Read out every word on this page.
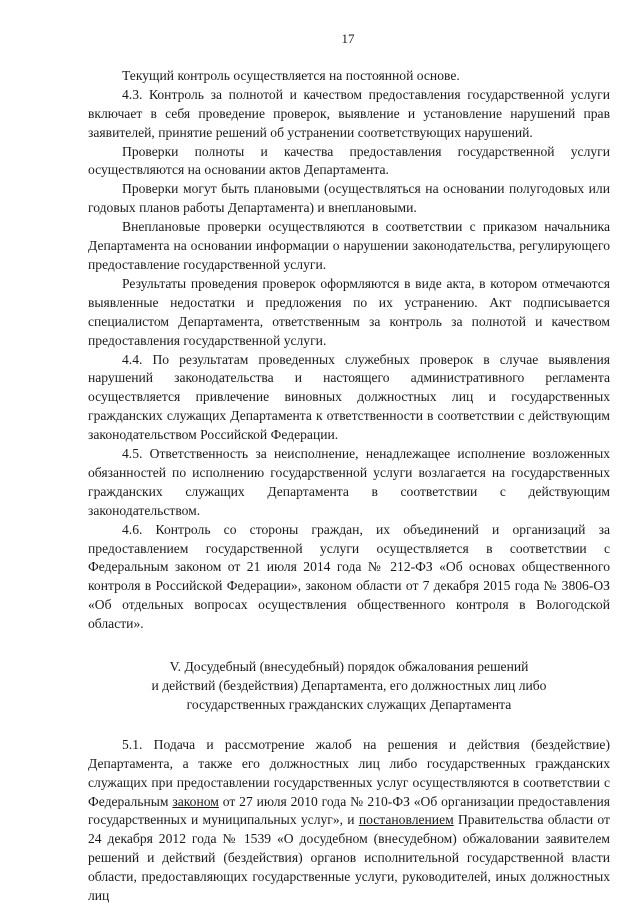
17

Текущий контроль осуществляется на постоянной основе.

4.3. Контроль за полнотой и качеством предоставления государственной услуги включает в себя проведение проверок, выявление и установление нарушений прав заявителей, принятие решений об устранении соответствующих нарушений.

Проверки полноты и качества предоставления государственной услуги осуществляются на основании актов Департамента.

Проверки могут быть плановыми (осуществляться на основании полугодовых или годовых планов работы Департамента) и внеплановыми.

Внеплановые проверки осуществляются в соответствии с приказом начальника Департамента на основании информации о нарушении законодательства, регулирующего предоставление государственной услуги.

Результаты проведения проверок оформляются в виде акта, в котором отмечаются выявленные недостатки и предложения по их устранению. Акт подписывается специалистом Департамента, ответственным за контроль за полнотой и качеством предоставления государственной услуги.

4.4. По результатам проведенных служебных проверок в случае выявления нарушений законодательства и настоящего административного регламента осуществляется привлечение виновных должностных лиц и государственных гражданских служащих Департамента к ответственности в соответствии с действующим законодательством Российской Федерации.

4.5. Ответственность за неисполнение, ненадлежащее исполнение возложенных обязанностей по исполнению государственной услуги возлагается на государственных гражданских служащих Департамента в соответствии с действующим законодательством.

4.6. Контроль со стороны граждан, их объединений и организаций за предоставлением государственной услуги осуществляется в соответствии с Федеральным законом от 21 июля 2014 года № 212-ФЗ «Об основах общественного контроля в Российской Федерации», законом области от 7 декабря 2015 года № 3806-ОЗ «Об отдельных вопросах осуществления общественного контроля в Вологодской области».

V. Досудебный (внесудебный) порядок обжалования решений
и действий (бездействия) Департамента, его должностных лиц либо
государственных гражданских служащих Департамента

5.1. Подача и рассмотрение жалоб на решения и действия (бездействие) Департамента, а также его должностных лиц либо государственных гражданских служащих при предоставлении государственных услуг осуществляются в соответствии с Федеральным законом от 27 июля 2010 года № 210-ФЗ «Об организации предоставления государственных и муниципальных услуг», и постановлением Правительства области от 24 декабря 2012 года № 1539 «О досудебном (внесудебном) обжаловании заявителем решений и действий (бездействия) органов исполнительной государственной власти области, предоставляющих государственные услуги, руководителей, иных должностных лиц
